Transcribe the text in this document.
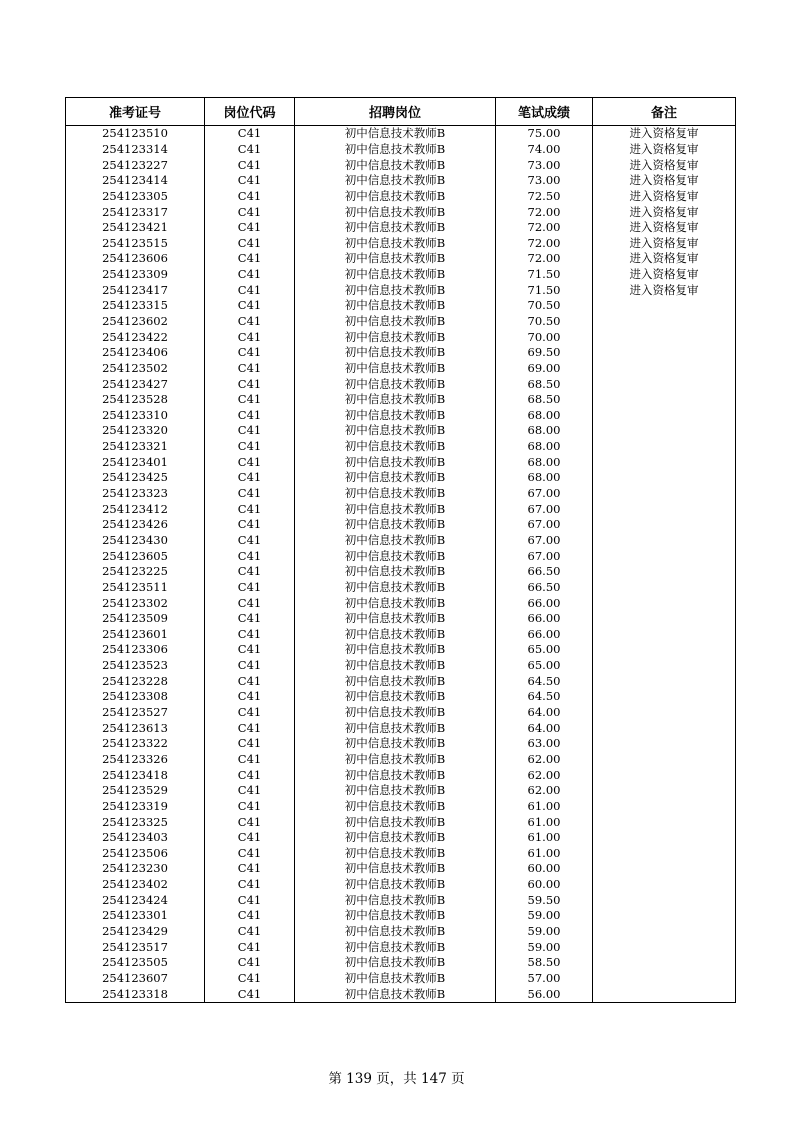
准考证号	岗位代码	招聘岗位	笔试成绩	备注
254123510	C41	初中信息技术教师B	75.00	进入资格复审
254123314	C41	初中信息技术教师B	74.00	进入资格复审
254123227	C41	初中信息技术教师B	73.00	进入资格复审
254123414	C41	初中信息技术教师B	73.00	进入资格复审
254123305	C41	初中信息技术教师B	72.50	进入资格复审
254123317	C41	初中信息技术教师B	72.00	进入资格复审
254123421	C41	初中信息技术教师B	72.00	进入资格复审
254123515	C41	初中信息技术教师B	72.00	进入资格复审
254123606	C41	初中信息技术教师B	72.00	进入资格复审
254123309	C41	初中信息技术教师B	71.50	进入资格复审
254123417	C41	初中信息技术教师B	71.50	进入资格复审
254123315	C41	初中信息技术教师B	70.50	
254123602	C41	初中信息技术教师B	70.50	
254123422	C41	初中信息技术教师B	70.00	
254123406	C41	初中信息技术教师B	69.50	
254123502	C41	初中信息技术教师B	69.00	
254123427	C41	初中信息技术教师B	68.50	
254123528	C41	初中信息技术教师B	68.50	
254123310	C41	初中信息技术教师B	68.00	
254123320	C41	初中信息技术教师B	68.00	
254123321	C41	初中信息技术教师B	68.00	
254123401	C41	初中信息技术教师B	68.00	
254123425	C41	初中信息技术教师B	68.00	
254123323	C41	初中信息技术教师B	67.00	
254123412	C41	初中信息技术教师B	67.00	
254123426	C41	初中信息技术教师B	67.00	
254123430	C41	初中信息技术教师B	67.00	
254123605	C41	初中信息技术教师B	67.00	
254123225	C41	初中信息技术教师B	66.50	
254123511	C41	初中信息技术教师B	66.50	
254123302	C41	初中信息技术教师B	66.00	
254123509	C41	初中信息技术教师B	66.00	
254123601	C41	初中信息技术教师B	66.00	
254123306	C41	初中信息技术教师B	65.00	
254123523	C41	初中信息技术教师B	65.00	
254123228	C41	初中信息技术教师B	64.50	
254123308	C41	初中信息技术教师B	64.50	
254123527	C41	初中信息技术教师B	64.00	
254123613	C41	初中信息技术教师B	64.00	
254123322	C41	初中信息技术教师B	63.00	
254123326	C41	初中信息技术教师B	62.00	
254123418	C41	初中信息技术教师B	62.00	
254123529	C41	初中信息技术教师B	62.00	
254123319	C41	初中信息技术教师B	61.00	
254123325	C41	初中信息技术教师B	61.00	
254123403	C41	初中信息技术教师B	61.00	
254123506	C41	初中信息技术教师B	61.00	
254123230	C41	初中信息技术教师B	60.00	
254123402	C41	初中信息技术教师B	60.00	
254123424	C41	初中信息技术教师B	59.50	
254123301	C41	初中信息技术教师B	59.00	
254123429	C41	初中信息技术教师B	59.00	
254123517	C41	初中信息技术教师B	59.00	
254123505	C41	初中信息技术教师B	58.50	
254123607	C41	初中信息技术教师B	57.00	
254123318	C41	初中信息技术教师B	56.00	
第 139 页，共 147 页
